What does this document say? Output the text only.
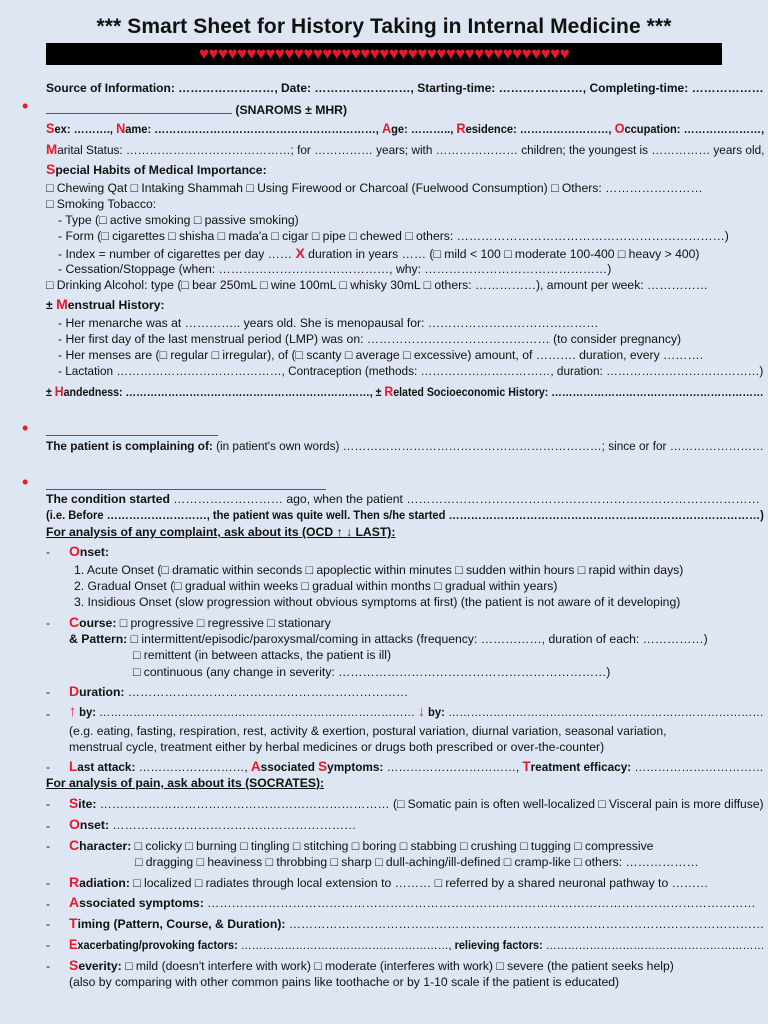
*** Smart Sheet for History Taking in Internal Medicine ***
♥♥♥♥♥♥♥♥♥♥♥♥♥♥♥♥♥♥♥♥♥♥♥♥♥♥♥♥♥♥♥♥♥♥♥♥♥♥♥
Source of Information: ……………………, Date: ……………………, Starting-time: …………………, Completing-time: ………………
•	(SNAROMS ± MHR)
Sex: ………., Name: ……………………………………………………, Age: ……….., Residence: ……………………, Occupation: …………………,
Marital Status: ……………………………………; for …………… years; with ………………… children; the youngest is …………… years old,
Special Habits of Medical Importance:
□ Chewing Qat □ Intaking Shammah □ Using Firewood or Charcoal (Fuelwood Consumption) □ Others: ……………………
□ Smoking Tobacco:
- Type (□ active smoking □ passive smoking)
- Form (□ cigarettes □ shisha □ mada'a □ cigar □ pipe □ chewed □ others: …………………………………………………………)
- Index = number of cigarettes per day …… X duration in years …… (□ mild < 100 □ moderate 100-400 □ heavy > 400)
- Cessation/Stoppage (when: ……………………………………, why: ………………………………………)
□ Drinking Alcohol: type (□ bear 250mL □ wine 100mL □ whisky 30mL □ others: ……………), amount per week: ……………
± Menstrual History:
- Her menarche was at ………….. years old. She is menopausal for: ……………………………………
- Her first day of the last menstrual period (LMP) was on: ……………………………………… (to consider pregnancy)
- Her menses are (□ regular □ irregular), of (□ scanty □ average □ excessive) amount, of ………. duration, every ……….
- Lactation ……………………………………, Contraception (methods: ……………………………, duration: …………………………………)
± Handedness: ……………………………………………………………, ± Related Socioeconomic History: ……………………………………………………
•
The patient is complaining of: (in patient's own words) …………………………………………………………; since or for ……………………
•
The condition started ……………………… ago, when the patient ……………………………………………………………………………
(i.e. Before ………………………, the patient was quite well. Then s/he started …………………………………………………………………………)
For analysis of any complaint, ask about its (OCD ↑ ↓ LAST):
- Onset:
1. Acute Onset (□ dramatic within seconds □ apoplectic within minutes □ sudden within hours □ rapid within days)
2. Gradual Onset (□ gradual within weeks □ gradual within months □ gradual within years)
3. Insidious Onset (slow progression without obvious symptoms at first) (the patient is not aware of it developing)
- Course: □ progressive □ regressive □ stationary
& Pattern: □ intermittent/episodic/paroxysmal/coming in attacks (frequency: ……………, duration of each: ……………)
□ remittent (in between attacks, the patient is ill)
□ continuous (any change in severity: …………………………………………………………)
- Duration: ……………………………………………………………
- ↑ by: ………………………………………………………………………… ↓ by: …………………………………………………………………………
(e.g. eating, fasting, respiration, rest, activity & exertion, postural variation, diurnal variation, seasonal variation,
menstrual cycle, treatment either by herbal medicines or drugs both prescribed or over-the-counter)
- Last attack: ………………………, Associated Symptoms: ……………………………, Treatment efficacy: ……………………………
For analysis of pain, ask about its (SOCRATES):
- Site: ……………………………………………………………… (□ Somatic pain is often well-localized □ Visceral pain is more diffuse)
- Onset: ……………………………………………………
- Character: □ colicky □ burning □ tingling □ stitching □ boring □ stabbing □ crushing □ tugging □ compressive
□ dragging □ heaviness □ throbbing □ sharp □ dull-aching/ill-defined □ cramp-like □ others: ………………
- Radiation: □ localized □ radiates through local extension to ……… □ referred by a shared neuronal pathway to ………
- Associated symptoms: ………………………………………………………………………………………………………………………
- Timing (Pattern, Course, & Duration): ………………………………………………………………………………………………………
- Exacerbating/provoking factors: …………………………………………………, relieving factors: ……………………………………………………
- Severity: □ mild (doesn't interfere with work) □ moderate (interferes with work) □ severe (the patient seeks help)
(also by comparing with other common pains like toothache or by 1-10 scale if the patient is educated)
